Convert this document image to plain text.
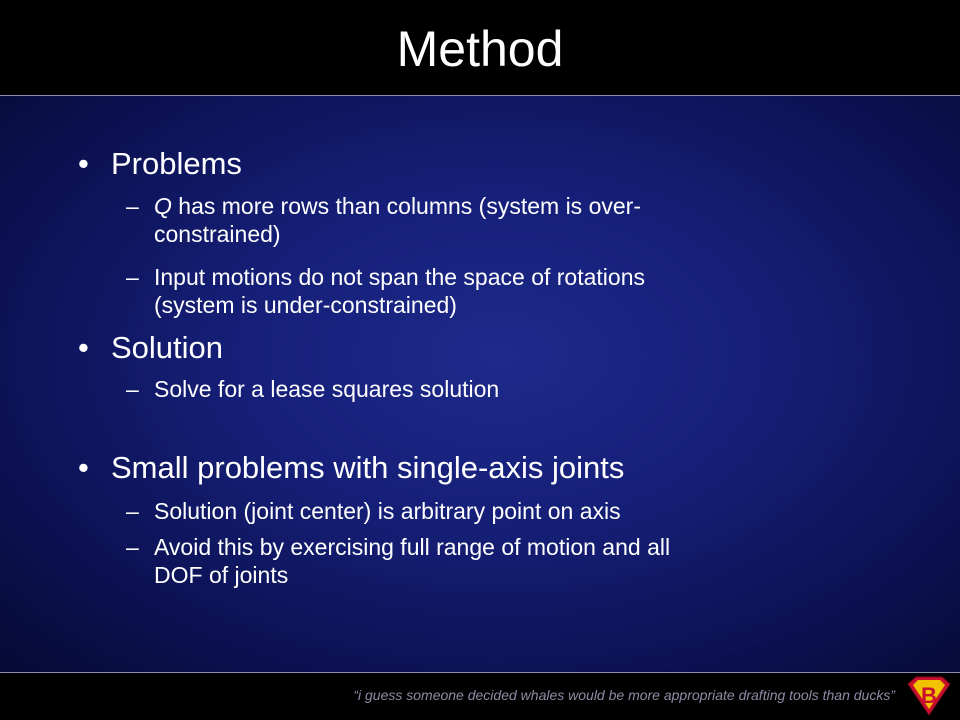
Method
• Problems
– Q has more rows than columns (system is over-
constrained)
– Input motions do not span the space of rotations
(system is under-constrained)
• Solution
– Solve for a lease squares solution
• Small problems with single-axis joints
– Solution (joint center) is arbitrary point on axis
– Avoid this by exercising full range of motion and all
DOF of joints
“i guess someone decided whales would be more appropriate drafting tools than ducks” B
